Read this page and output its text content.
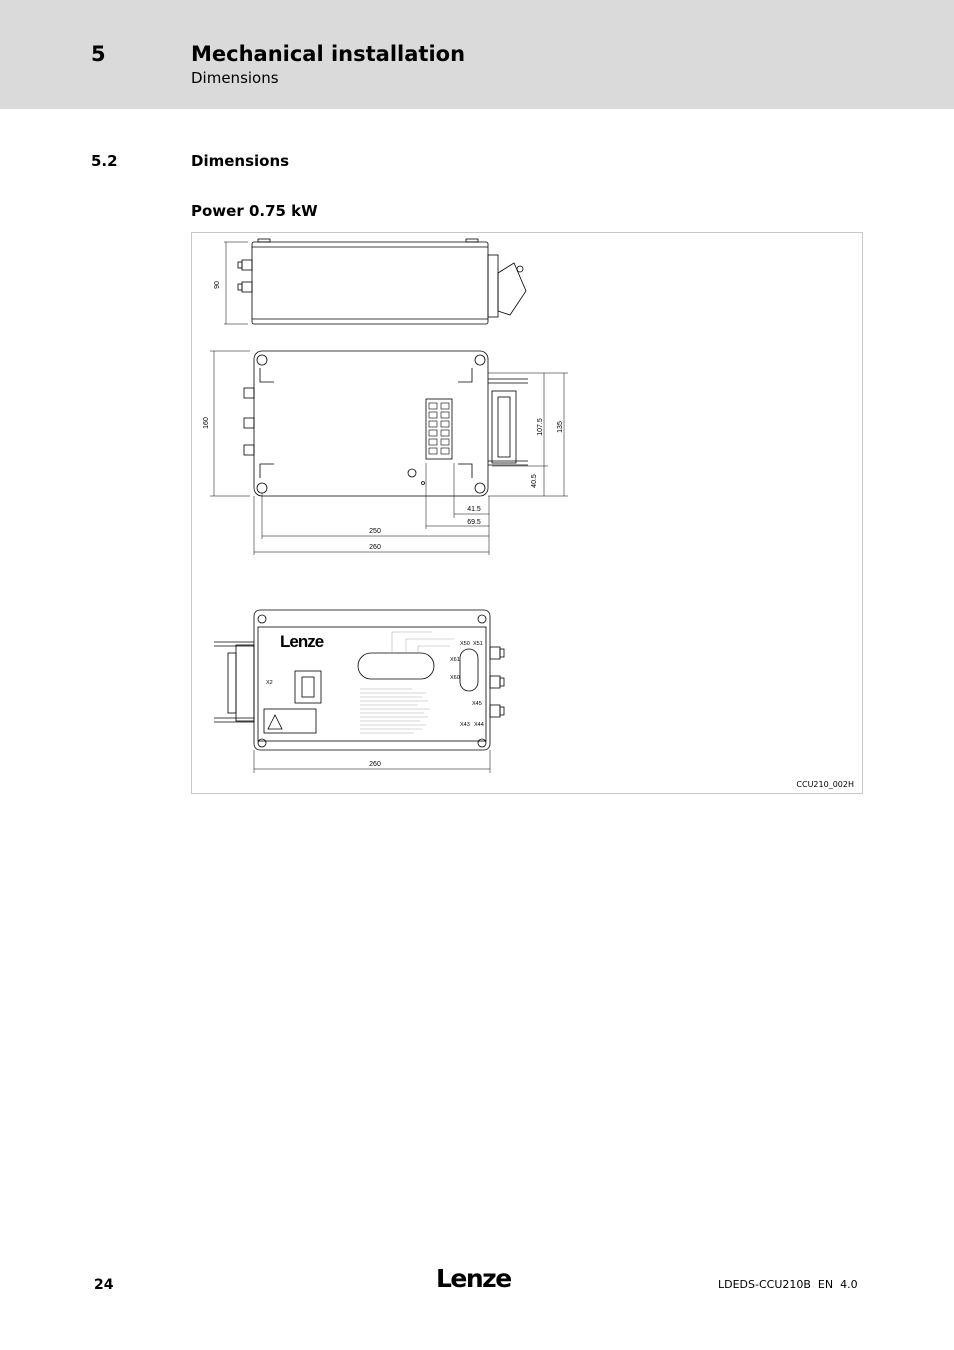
5	Mechanical installation
Dimensions
5.2	Dimensions
Power 0.75 kW
90
160	107.5 135
40.5
41.5
69.5
250
260
Lenze	X50 X51
X61
X60
X45
X43 X44
X2
260
CCU210_002H
24	Lenze	LDEDS-CCU210B  EN  4.0
